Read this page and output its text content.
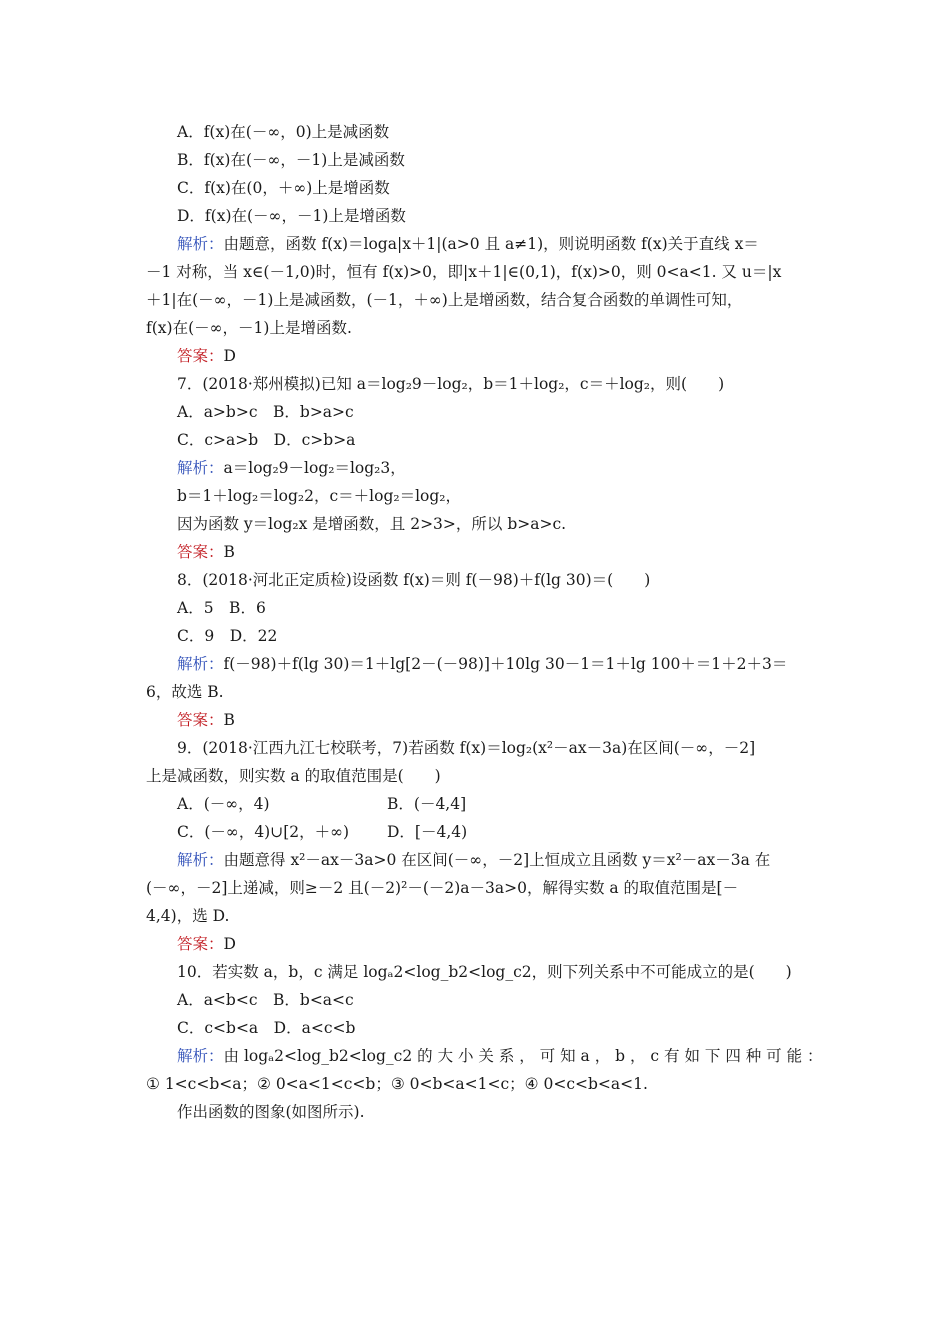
A．f(x)在(－∞，0)上是减函数
B．f(x)在(－∞，－1)上是减函数
C．f(x)在(0，＋∞)上是增函数
D．f(x)在(－∞，－1)上是增函数
解析：由题意，函数 f(x)＝loga|x＋1|(a>0 且 a≠1)，则说明函数 f(x)关于直线 x＝
－1 对称，当 x∈(－1,0)时，恒有 f(x)>0，即|x＋1|∈(0,1)，f(x)>0，则 0<a<1. 又 u＝|x
＋1|在(－∞，－1)上是减函数，(－1，＋∞)上是增函数，结合复合函数的单调性可知，
f(x)在(－∞，－1)上是增函数.
答案：D
7．(2018·郑州模拟)已知 a＝log₂9－log₂，b＝1＋log₂，c＝＋log₂，则(　　)
A．a>b>c　B．b>a>c
C．c>a>b　D．c>b>a
解析：a＝log₂9－log₂＝log₂3，
b＝1＋log₂＝log₂2，c＝＋log₂＝log₂，
因为函数 y＝log₂x 是增函数，且 2>3>，所以 b>a>c.
答案：B
8．(2018·河北正定质检)设函数 f(x)＝则 f(－98)＋f(lg 30)＝(　　)
A．5　B．6
C．9　D．22
解析：f(－98)＋f(lg 30)＝1＋lg[2－(－98)]＋10lg 30－1＝1＋lg 100＋＝1＋2＋3＝
6，故选 B.
答案：B
9．(2018·江西九江七校联考，7)若函数 f(x)＝log₂(x²－ax－3a)在区间(－∞，－2]
上是减函数，则实数 a 的取值范围是(　　)
A．(－∞，4)	B．(－4,4]
C．(－∞，4)∪[2，＋∞) D．[－4,4)
解析：由题意得 x²－ax－3a>0 在区间(－∞，－2]上恒成立且函数 y＝x²－ax－3a 在
(－∞，－2]上递减，则≥－2 且(－2)²－(－2)a－3a>0，解得实数 a 的取值范围是[－
4,4)，选 D.
答案：D
10．若实数 a，b，c 满足 logₐ2<log_b2<log_c2，则下列关系中不可能成立的是(　　)
A．a<b<c　B．b<a<c
C．c<b<a　D．a<c<b
解析：由 logₐ2<log_b2<log_c2 的 大 小 关 系 ， 可 知 a ， b ， c 有 如 下 四 种 可 能 ：
① 1<c<b<a；② 0<a<1<c<b；③ 0<b<a<1<c；④ 0<c<b<a<1.
作出函数的图象(如图所示).
